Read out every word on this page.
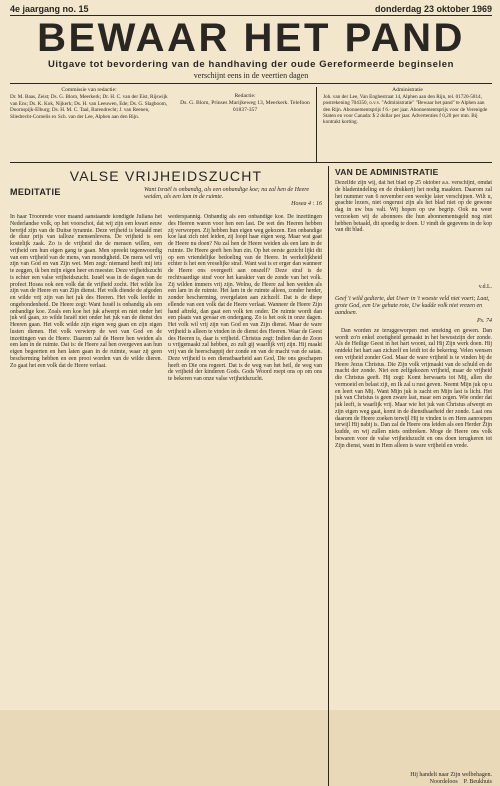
4e jaargang no. 15	donderdag 23 oktober 1969
BEWAAR HET PAND
Uitgave tot bevordering van de handhaving der oude Gereformeerde beginselen
verschijnt eens in de veertien dagen
Commissie van redactie:
Dr. M. Baas, Zeist; Ds. G. Blom, Meerkerk; Dr. H. C. van der Eist, Rijswijk van Ens; Ds. K. Kok, Nijkerk; Ds. H. van Leeuwen, Ede; Ds. G. Slagboom, Doornspijk-Elburg; Ds. H. M. C. Taal, Barendrecht; J. van Reenen, Sliedrecht-Cornelis ex Sch. van der Lee, Alphen aan den Rijn.
Redactie:
Ds. G. Blom, Prinses Marijkeweg 13, Meerkerk. Telefoon 01837-357
Administratie
Joh. van der Lee, Van Enghestraat 14, Alphen aan den Rijn, tel. 01720-5814, postrekening 704350, o.v.v. "Administratie" "Bewaar het pand" te Alphen aan den Rijn. Abonnementsprijs f 6.- per jaar. Abonnementsprijs voor de Verenigde Staten en voor Canada: $ 2 dollar per jaar. Advertenties f 0,20 per mm. Bij kontrakt korting.
VALSE VRIJHEIDSZUCHT
MEDITATIE	Want Israël is onbandig, als een onbandige koe; nu zal hen de Heere weiden, als een lam in de ruimte.
Hosea 4 : 16
In haar Troonrede voor maand aanstaande kondigde Juliana het Nederlandse volk, op het voorschot, dat wij zijn een kwart eeuw bevrijd zijn van de Duitse tyrannie. Deze vrijheid is betaald met de duur prijs van talloze mensenlevens. De vrijheid is een kostelijk zaak. Zo is de vrijheid die de mensen willen, een vrijheid om hun eigen gang te gaan. Men spreekt tegenwoordig van een vrijheid van de mens, van mondigheid. De mens wil vrij zijn van God en van Zijn wet. Men zegt: niemand heeft mij iets te zeggen, ik ben mijn eigen heer en meester. Deze vrijheidszucht is echter een valse vrijheidszucht. Israël was in de dagen van de profeet Hosea ook een volk dat de vrijheid zocht. Het wilde los zijn van de Heere en van Zijn dienst. Het volk diende de afgoden en wilde vrij zijn van het juk des Heeren. Het volk leefde in ongebondenheid. De Heere zegt: Want Israël is onbandig als een onbandige koe. Zoals een koe het juk afwerpt en niet onder het juk wil gaan, zo wilde Israël niet onder het juk van de dienst des Heeren gaan. Het volk wilde zijn eigen weg gaan en zijn eigen lusten dienen. Het volk verwierp de wet van God en de inzettingen van de Heere. Daarom zal de Heere hen weiden als een lam in de ruimte. Dat is: de Heere zal hen overgeven aan hun eigen begeerten en hen laten gaan in de ruimte, waar zij geen bescherming hebben en een prooi worden van de wilde dieren. Zo gaat het een volk dat de Heere verlaat.
wederspannig. Onbandig als een onbandige koe. De inzettingen des Heeren waren voor hen een last. De wet des Heeren hebben zij verworpen. Zij hebben hun eigen weg gekozen. Een onbandige koe laat zich niet leiden, zij loopt haar eigen weg. Maar wat gaat de Heere nu doen? Nu zal hen de Heere weiden als een lam in de ruimte. De Heere geeft hen hun zin. Op het eerste gezicht lijkt dit op een vriendelijke bedoeling van de Heere. In werkelijkheid echter is het een vreselijke straf. Want wat is er erger dan wanneer de Heere ons overgeeft aan onszelf? Deze straf is de rechtvaardige straf voor het karakter van de zonde van het volk. Zij wilden immers vrij zijn. Welnu, de Heere zal hen weiden als een lam in de ruimte. Het lam in de ruimte alleen, zonder herder, zonder bescherming, overgelaten aan zichzelf. Dat is de diepe ellende van een volk dat de Heere verlaat. Wanneer de Heere Zijn hand aftrekt, dan gaat een volk ten onder. De ruimte wordt dan een plaats van gevaar en ondergang. Zo is het ook in onze dagen. Het volk wil vrij zijn van God en van Zijn dienst. Maar de ware vrijheid is alleen te vinden in de dienst des Heeren. Waar de Geest des Heeren is, daar is vrijheid. Christus zegt: Indien dan de Zoon u vrijgemaakt zal hebben, zo zult gij waarlijk vrij zijn. Hij maakt vrij van de heerschappij der zonde en van de macht van de satan. Deze vrijheid is een dienstbaarheid aan God, Die ons geschapen heeft en Die ons regeert. Dat is de weg van het heil, de weg van de vrijheid der kinderen Gods. Gods Woord roept ons op om ons te bekeren van onze valse vrijheidszucht.
VAN DE ADMINISTRATIE
Dezelfde zijn wij, dat het blad op 25 oktober a.s. verschijnt, omdat de bladenindeling en de drukkerij het nodig maakten. Daarom zal het nummer van 6 november een weekje later verschijnen. Wilt u, geachte lezers, niet ongerust zijn als het blad niet op de gewone dag in uw bus valt. Wij hopen op uw begrip. Ook nu weer verzoeken wij de abonnees die hun abonnementsgeld nog niet hebben betaald, dit spoedig te doen. U vindt de gegevens in de kop van dit blad.
v.d.L.
Geef 't wild gedierte, dat Uwer in 't woeste veld niet voert; Laat, grote God, een Uw gehate rote, Uw kudde volk niet vrezen en aandoen.
Ps. 74
Dan worden ze teruggeworpen met smeking en gewen. Dan wordt zo'n enkel zoetigheid gemaakt in het bewustzijn der zonde. Als de Heilige Geest in het hart woont, zal Hij Zijn werk doen. Hij ontdekt het hart aan zichzelf en leidt tot de bekering. Velen wensen een vrijheid zonder God. Maar de ware vrijheid is te vinden bij de Heere Jezus Christus. Die Zijn volk vrijmaakt van de schuld en de macht der zonde. Niet een zelfgekozen vrijheid, maar de vrijheid die Christus geeft. Hij zegt: Komt herwaarts tot Mij, allen die vermoeid en belast zijt, en Ik zal u rust geven. Neemt Mijn juk op u en leert van Mij. Want Mijn juk is zacht en Mijn last is licht. Het juk van Christus is geen zware last, maar een zegen. Wie onder dat juk leeft, is waarlijk vrij. Maar wie het juk van Christus afwerpt en zijn eigen weg gaat, komt in de dienstbaarheid der zonde. Laat ons daarom de Heere zoeken terwijl Hij te vinden is en Hem aanroepen terwijl Hij nabij is. Dan zal de Heere ons leiden als een Herder Zijn kudde, en wij zullen niets ontbreken. Moge de Heere ons volk bewaren voor de valse vrijheidszucht en ons doen terugkeren tot Zijn dienst, want in Hem alleen is ware vrijheid en vrede.
Hij handelt naar Zijn welbehagen.
Noordeloos P. Beukhuis
